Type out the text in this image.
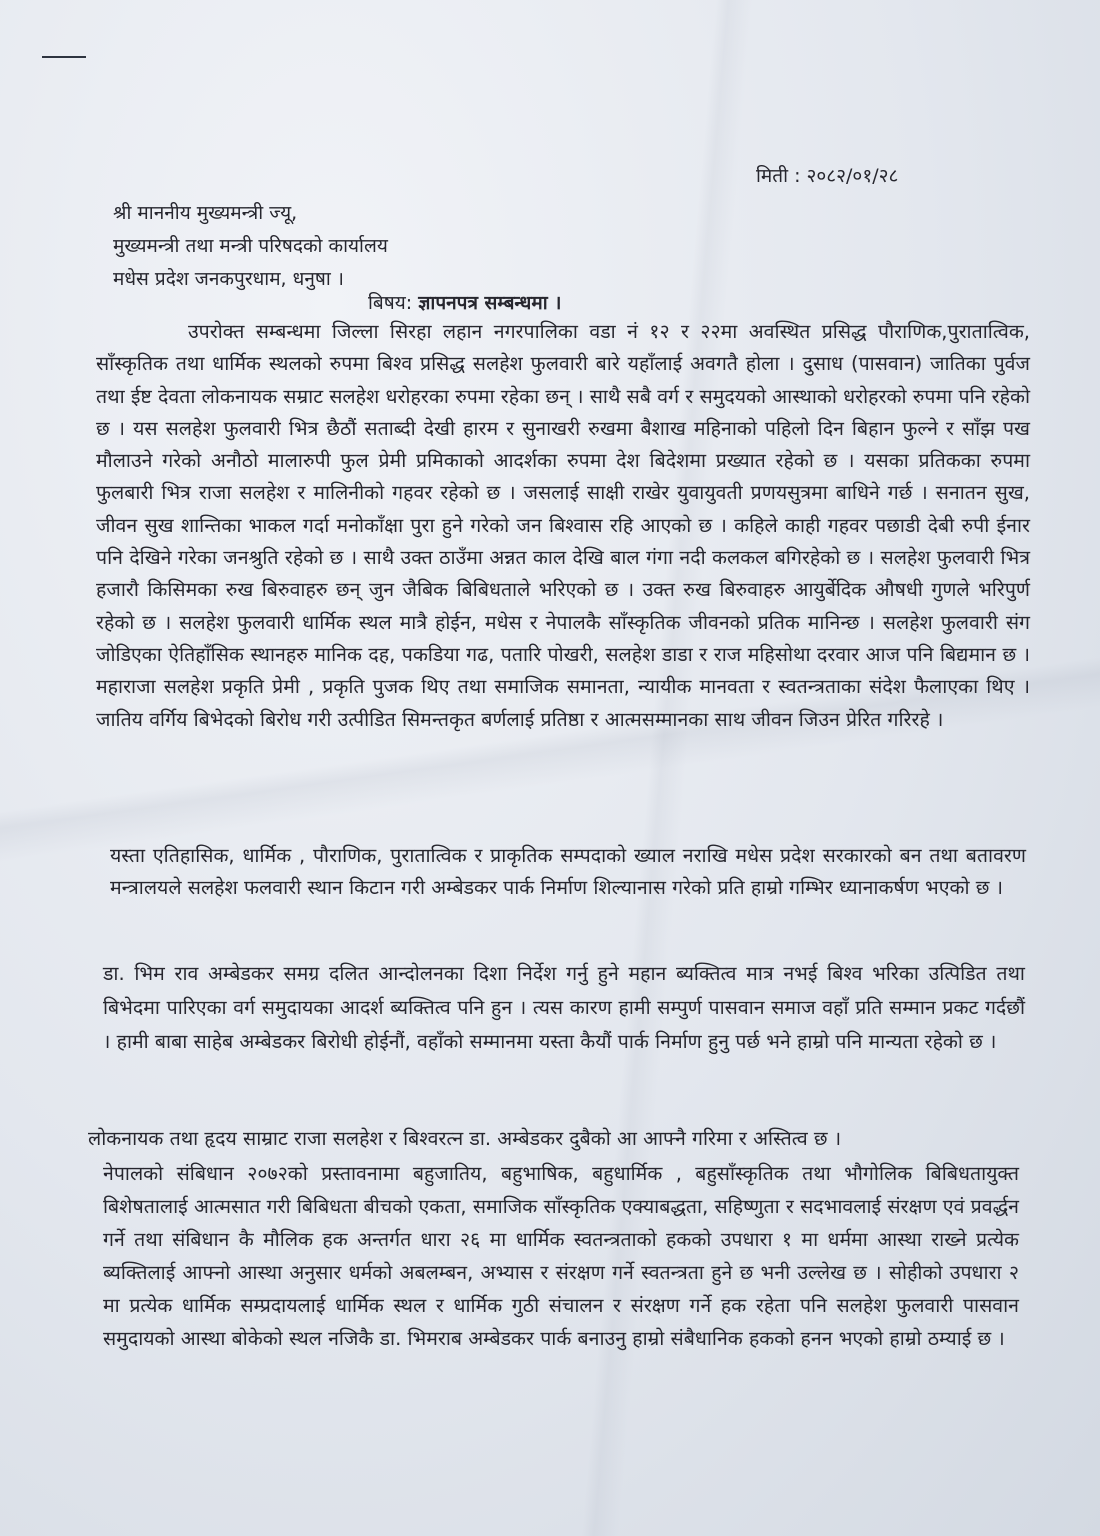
मिती : २०८२/०१/२८
श्री माननीय मुख्यमन्त्री ज्यू,
मुख्यमन्त्री तथा मन्त्री परिषदको कार्यालय
मधेस प्रदेश जनकपुरधाम, धनुषा ।
बिषय: ज्ञापनपत्र सम्बन्धमा ।

उपरोक्त सम्बन्धमा जिल्ला सिरहा लहान नगरपालिका वडा नं १२ र २२मा अवस्थित प्रसिद्ध पौराणिक,पुरातात्विक, साँस्कृतिक तथा धार्मिक स्थलको रुपमा बिश्व प्रसिद्ध सलहेश फुलवारी बारे यहाँलाई अवगतै होला । दुसाध (पासवान) जातिका पुर्वज तथा ईष्ट देवता लोकनायक सम्राट सलहेश धरोहरका रुपमा रहेका छन् । साथै सबै वर्ग र समुदयको आस्थाको धरोहरको रुपमा पनि रहेको छ । यस सलहेश फुलवारी भित्र छैठौं सताब्दी देखी हारम र सुनाखरी रुखमा बैशाख महिनाको पहिलो दिन बिहान फुल्ने र साँझ पख मौलाउने गरेको अनौठो मालारुपी फुल प्रेमी प्रमिकाको आदर्शका रुपमा देश बिदेशमा प्रख्यात रहेको छ । यसका प्रतिकका रुपमा फुलबारी भित्र राजा सलहेश र मालिनीको गहवर रहेको छ । जसलाई साक्षी राखेर युवायुवती प्रणयसुत्रमा बाधिने गर्छ । सनातन सुख, जीवन सुख शान्तिका भाकल गर्दा मनोकाँक्षा पुरा हुने गरेको जन बिश्वास रहि आएको छ । कहिले काही गहवर पछाडी देबी रुपी ईनार पनि देखिने गरेका जनश्रुति रहेको छ । साथै उक्त ठाउँमा अन्नत काल देखि बाल गंगा नदी कलकल बगिरहेको छ । सलहेश फुलवारी भित्र हजारौ किसिमका रुख बिरुवाहरु छन् जुन जैबिक बिबिधताले भरिएको छ । उक्त रुख बिरुवाहरु आयुर्बेदिक औषधी गुणले भरिपुर्ण रहेको छ । सलहेश फुलवारी धार्मिक स्थल मात्रै होईन, मधेस र नेपालकै साँस्कृतिक जीवनको प्रतिक मानिन्छ । सलहेश फुलवारी संग जोडिएका ऐतिहाँसिक स्थानहरु मानिक दह, पकडिया गढ, पतारि पोखरी, सलहेश डाडा र राज महिसोथा दरवार आज पनि बिद्यमान छ । महाराजा सलहेश प्रकृति प्रेमी , प्रकृति पुजक थिए तथा समाजिक समानता, न्यायीक मानवता र स्वतन्त्रताका संदेश फैलाएका थिए । जातिय वर्गिय बिभेदको बिरोध गरी उत्पीडित सिमन्तकृत बर्णलाई प्रतिष्ठा र आत्मसम्मानका साथ जीवन जिउन प्रेरित गरिरहे ।

यस्ता एतिहासिक, धार्मिक , पौराणिक, पुरातात्विक र प्राकृतिक सम्पदाको ख्याल नराखि मधेस प्रदेश सरकारको बन तथा बतावरण मन्त्रालयले सलहेश फलवारी स्थान किटान गरी अम्बेडकर पार्क निर्माण शिल्यानास गरेको प्रति हाम्रो गम्भिर ध्यानाकर्षण भएको छ ।

डा. भिम राव अम्बेडकर समग्र दलित आन्दोलनका दिशा निर्देश गर्नु हुने महान ब्यक्तित्व मात्र नभई बिश्व भरिका उत्पिडित तथा बिभेदमा पारिएका वर्ग समुदायका आदर्श ब्यक्तित्व पनि हुन । त्यस कारण हामी सम्पुर्ण पासवान समाज वहाँ प्रति सम्मान प्रकट गर्दछौं । हामी बाबा साहेब अम्बेडकर बिरोधी होईनौं, वहाँको सम्मानमा यस्ता कैयौं पार्क निर्माण हुनु पर्छ भने हाम्रो पनि मान्यता रहेको छ ।

लोकनायक तथा हृदय साम्राट राजा सलहेश र बिश्वरत्न डा. अम्बेडकर दुबैको आ आफ्नै गरिमा र अस्तित्व छ ।

नेपालको संबिधान २०७२को प्रस्तावनामा बहुजातिय, बहुभाषिक, बहुधार्मिक , बहुसाँस्कृतिक तथा भौगोलिक बिबिधतायुक्त बिशेषतालाई आत्मसात गरी बिबिधता बीचको एकता, समाजिक साँस्कृतिक एक्याबद्धता, सहिष्णुता र सदभावलाई संरक्षण एवं प्रवर्द्धन गर्ने तथा संबिधान कै मौलिक हक अन्तर्गत धारा २६ मा धार्मिक स्वतन्त्रताको हकको उपधारा १ मा धर्ममा आस्था राख्ने प्रत्येक ब्यक्तिलाई आफ्नो आस्था अनुसार धर्मको अबलम्बन, अभ्यास र संरक्षण गर्ने स्वतन्त्रता हुने छ भनी उल्लेख छ । सोहीको उपधारा २ मा प्रत्येक धार्मिक सम्प्रदायलाई धार्मिक स्थल र धार्मिक गुठी संचालन र संरक्षण गर्ने हक रहेता पनि सलहेश फुलवारी पासवान समुदायको आस्था बोकेको स्थल नजिकै डा. भिमराब अम्बेडकर पार्क बनाउनु हाम्रो संबैधानिक हकको हनन भएको हाम्रो ठम्याई छ ।
